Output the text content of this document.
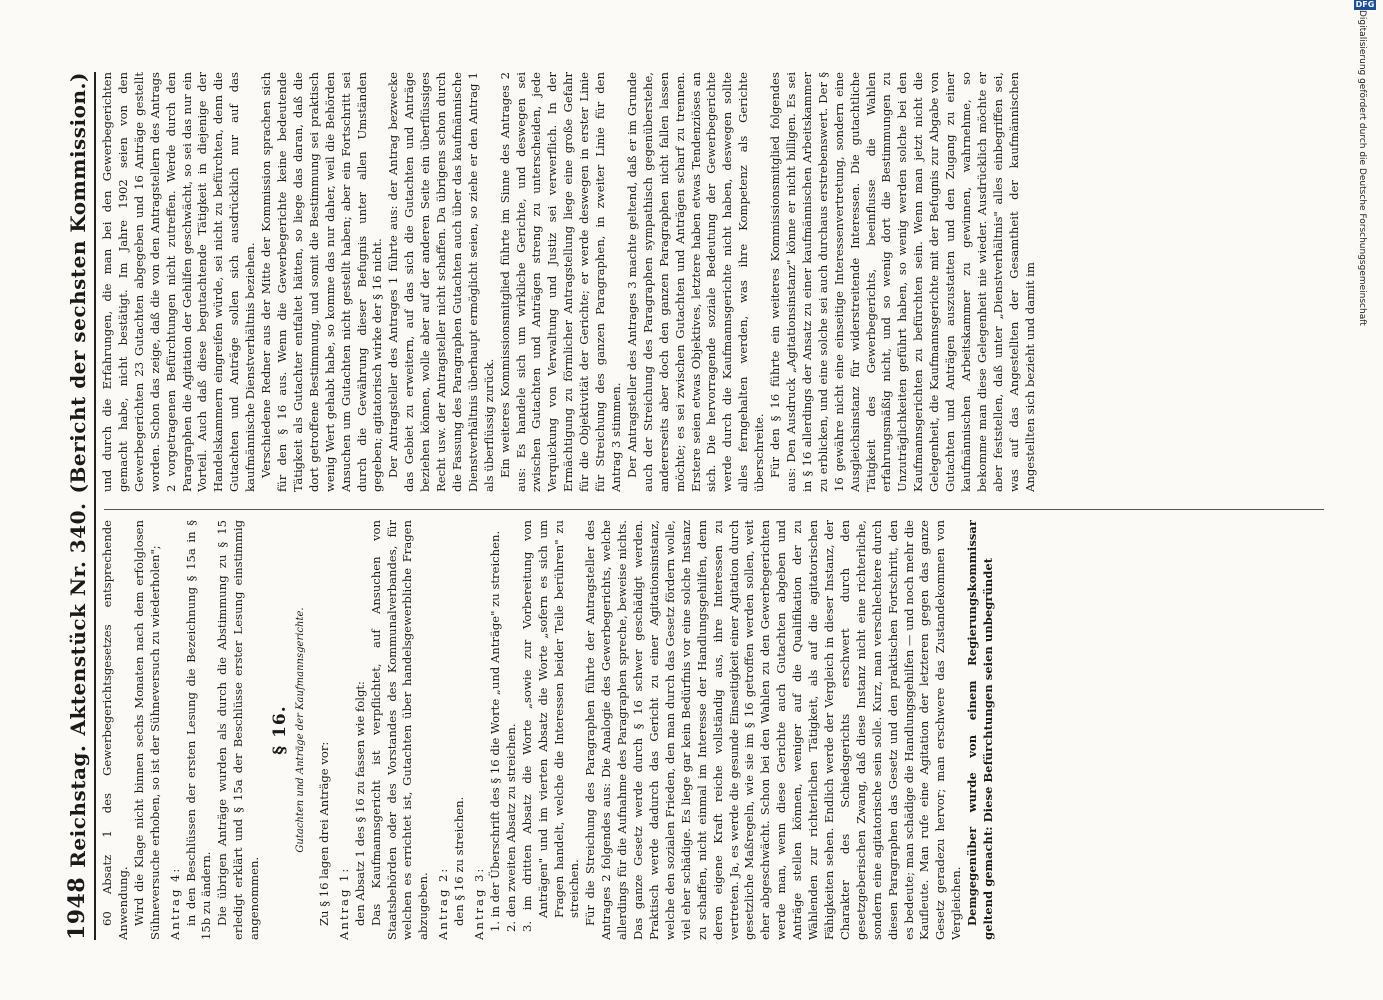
1948
Reichstag.
Aktenstück Nr. 340.
(Bericht der sechsten Kommission.)

60 Absatz 1 des Gewerbegerichtsgesetzes entsprechende Anwendung. Wird die Klage nicht binnen sechs Monaten nach dem erfolglosen Sühneversuche erhoben, so ist der Sühneversuch zu wiederholen"; Antrag 4: in den Beschlüssen der ersten Lesung die Bezeichnung § 15a in § 15b zu ändern. Die übrigen Anträge wurden als durch die Abstimmung zu § 15 erledigt erklärt und § 15a der Beschlüsse erster Lesung einstimmig angenommen.

§ 16. Gutachten und Anträge der Kaufmannsgerichte. Zu § 16 lagen drei Anträge vor: Antrag 1: den Absatz 1 des § 16 zu fassen wie folgt: Das Kaufmannsgericht ist verpflichtet, auf Ansuchen von Staatsbehörden oder des Vorstandes des Kommunalverbandes, für welchen es errichtet ist, Gutachten über handelsgewerbliche Fragen abzugeben. Antrag 2: den § 16 zu streichen. Antrag 3: 1. in der Überschrift des § 16 die Worte „und Anträge" zu streichen. 2. den zweiten Absatz zu streichen. 3. im dritten Absatz die Worte „sowie zur Vorbereitung von Anträgen" und im vierten Absatz die Worte „sofern es sich um Fragen handelt, welche die Interessen beider Teile berühren" zu streichen. Für die Streichung des Paragraphen führte der Antragsteller des Antrages 2 folgendes aus: Die Analogie des Gewerbegerichts, welche allerdings für die Aufnahme des Paragraphen spreche, beweise nichts. Das ganze Gesetz werde durch § 16 schwer geschädigt werden. Praktisch werde dadurch das Gericht zu einer Agitationsinstanz, welche den sozialen Frieden, den man durch das Gesetz fördern wolle, viel eher schädige. Es liege gar kein Bedürfnis vor eine solche Instanz zu schaffen, nicht einmal im Interesse der Handlungsgehilfen, denn deren eigene Kraft reiche vollständig aus, ihre Interessen zu vertreten. Ja, es werde die gesunde Einseitigkeit einer Agitation durch gesetzliche Maßregeln, wie sie im § 16 getroffen werden sollen, weit eher abgeschwächt. Schon bei den Wahlen zu den Gewerbegerichten werde man, wenn diese Gerichte auch Gutachten abgeben und Anträge stellen können, weniger auf die Qualifikation der zu Wählenden zur richterlichen Tätigkeit, als auf die agitatorischen Fähigkeiten sehen. Endlich werde der Vergleich in dieser Instanz, der Charakter des Schiedsgerichts erschwert durch den gesetzgeberischen Zwang, daß diese Instanz nicht eine richterliche, sondern eine agitatorische sein solle. Kurz, man verschlechtere durch diesen Paragraphen das Gesetz und den praktischen Fortschritt, den es bedeute; man schädige die Handlungsgehilfen — und noch mehr die Kaufleute. Man rufe eine Agitation der letzteren gegen das ganze Gesetz geradezu hervor; man erschwere das Zustandekommen von Vergleichen. Demgegenüber wurde von einem Regierungskommissar geltend gemacht: Diese Befürchtungen seien unbegründet

und durch die Erfahrungen, die man bei den Gewerbegerichten gemacht habe, nicht bestätigt. Im Jahre 1902 seien von den Gewerbegerichten 23 Gutachten abgegeben und 16 Anträge gestellt worden. Schon das zeige, daß die von den Antragstellern des Antrags 2 vorgetragenen Befürchtungen nicht zutreffen. Werde durch den Paragraphen die Agitation der Gehilfen geschwächt, so sei das nur ein Vorteil. Auch daß diese begutachtende Tätigkeit in diejenige der Handelskammern eingreifen würde, sei nicht zu befürchten, denn die Gutachten und Anträge sollen sich ausdrücklich nur auf das kaufmännische Dienstverhältnis beziehen. Verschiedene Redner aus der Mitte der Kommission sprachen sich für den § 16 aus. Wenn die Gewerbegerichte keine bedeutende Tätigkeit als Gutachter entfaltet hätten, so liege das daran, daß die dort getroffene Bestimmung, und somit die Bestimmung sei praktisch wenig Wert gehabt habe, so komme das nur daher, weil die Behörden Ansuchen um Gutachten nicht gestellt haben; aber ein Fortschritt sei durch die Gewährung dieser Befugnis unter allen Umständen gegeben; agitatorisch wirke der § 16 nicht. Der Antragsteller des Antrages 1 führte aus: der Antrag bezwecke das Gebiet zu erweitern, auf das sich die Gutachten und Anträge beziehen können, wolle aber auf der anderen Seite ein überflüssiges Recht usw. der Antragsteller nicht schaffen. Da übrigens schon durch die Fassung des Paragraphen Gutachten auch über das kaufmännische Dienstverhältnis überhaupt ermöglicht seien, so ziehe er den Antrag 1 als überflüssig zurück. Ein weiteres Kommissionsmitglied führte im Sinne des Antrages 2 aus: Es handele sich um wirkliche Gerichte, und deswegen sei zwischen Gutachten und Anträgen streng zu unterscheiden, jede Verquickung von Verwaltung und Justiz sei verwerflich. In der Ermächtigung zu förmlicher Antragstellung liege eine große Gefahr für die Objektivität der Gerichte; er werde deswegen in erster Linie für Streichung des ganzen Paragraphen, in zweiter Linie für den Antrag 3 stimmen. Der Antragsteller des Antrages 3 machte geltend, daß er im Grunde auch der Streichung des Paragraphen sympathisch gegenüberstehe, andererseits aber doch den ganzen Paragraphen nicht fallen lassen möchte; es sei zwischen Gutachten und Anträgen scharf zu trennen. Erstere seien etwas Objektives, letztere haben etwas Tendenziöses an sich. Die hervorragende soziale Bedeutung der Gewerbegerichte werde durch die Kaufmannsgerichte nicht haben, deswegen sollte alles ferngehalten werden, was ihre Kompetenz als Gerichte überschreite. Für den § 16 führte ein weiteres Kommissionsmitglied folgendes aus: Den Ausdruck „Agitationsinstanz" könne er nicht billigen. Es sei in § 16 allerdings der Ansatz zu einer kaufmännischen Arbeitskammer zu erblicken, und eine solche sei auch durchaus erstrebenswert. Der § 16 gewähre nicht eine einseitige Interessenvertretung, sondern eine Ausgleichsinstanz für widerstreitende Interessen. Die gutachtliche Tätigkeit des Gewerbegerichts, beeinflusse die Wahlen erfahrungsmäßig nicht, und so wenig dort die Bestimmungen zu Unzuträglichkeiten geführt haben, so wenig werden solche bei den Kaufmannsgerichten zu befürchten sein. Wenn man jetzt nicht die Gelegenheit, die Kaufmannsgerichte mit der Befugnis zur Abgabe von Gutachten und Anträgen auszustatten und den Zugang zu einer kaufmännischen Arbeitskammer zu gewinnen, wahrnehme, so bekomme man diese Gelegenheit nie wieder. Ausdrücklich möchte er aber feststellen, daß unter „Dienstverhältnis" alles einbegriffen sei, was auf das Angestellten der Gesamtheit der kaufmännischen Angestellten sich bezieht und damit im

DFG
Digitalisierung gefördert durch die Deutsche Forschungsgemeinschaft
